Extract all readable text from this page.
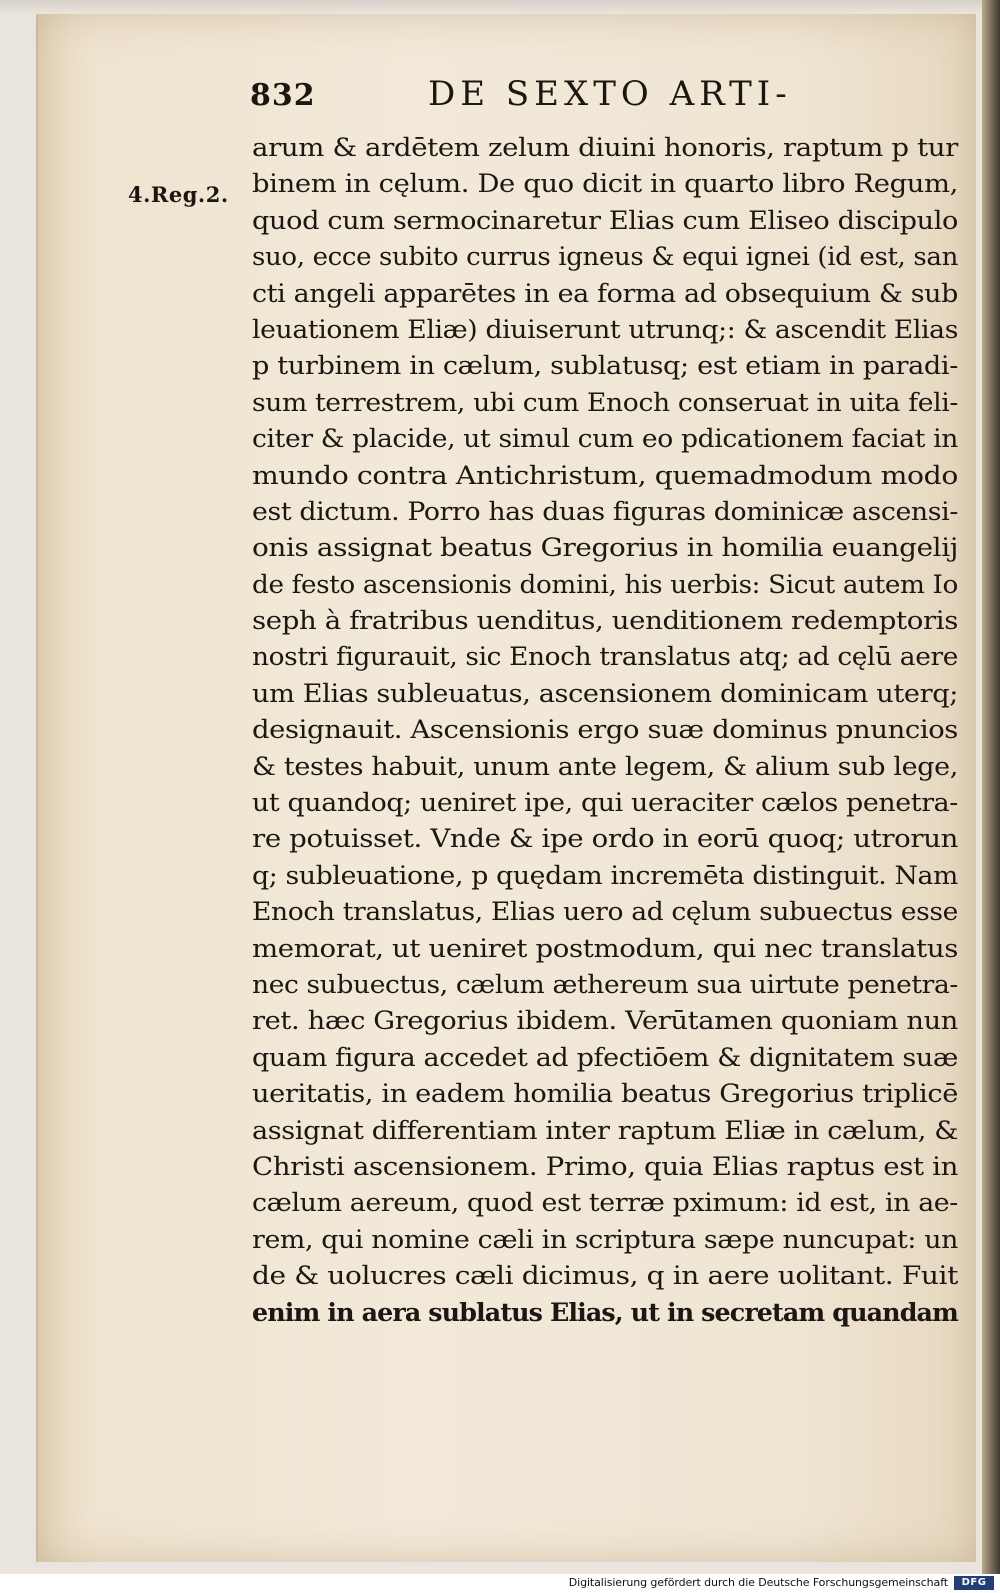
832	DE SEXTO ARTI-
4.Reg.2.
arum & ardētem zelum diuini honoris, raptum p tur
binem in cęlum. De quo dicit in quarto libro Regum,
quod cum sermocinaretur Elias cum Eliseo discipulo
suo, ecce subito currus igneus & equi ignei (id est, san
cti angeli apparētes in ea forma ad obsequium & sub
leuationem Eliæ) diuiserunt utrunq;: & ascendit Elias
p turbinem in cælum, sublatusq; est etiam in paradi-
sum terrestrem, ubi cum Enoch conseruat in uita feli-
citer & placide, ut simul cum eo pdicationem faciat in
mundo contra Antichristum, quemadmodum modo
est dictum. Porro has duas figuras dominicæ ascensi-
onis assignat beatus Gregorius in homilia euangelij
de festo ascensionis domini, his uerbis: Sicut autem Io
seph à fratribus uenditus, uenditionem redemptoris
nostri figurauit, sic Enoch translatus atq; ad cęlū aere
um Elias subleuatus, ascensionem dominicam uterq;
designauit. Ascensionis ergo suæ dominus pnuncios
& testes habuit, unum ante legem, & alium sub lege,
ut quandoq; ueniret ipe, qui ueraciter cælos penetra-
re potuisset. Vnde & ipe ordo in eorū quoq; utrorun
q; subleuatione, p quędam incremēta distinguit. Nam
Enoch translatus, Elias uero ad cęlum subuectus esse
memorat, ut ueniret postmodum, qui nec translatus
nec subuectus, cælum æthereum sua uirtute penetra-
ret. hæc Gregorius ibidem. Verūtamen quoniam nun
quam figura accedet ad pfectiōem & dignitatem suæ
ueritatis, in eadem homilia beatus Gregorius triplicē
assignat differentiam inter raptum Eliæ in cælum, &
Christi ascensionem. Primo, quia Elias raptus est in
cælum aereum, quod est terræ pximum: id est, in ae-
rem, qui nomine cæli in scriptura sæpe nuncupat: un
de & uolucres cæli dicimus, q in aere uolitant. Fuit
enim in aera sublatus Elias, ut in secretam quandam
Digitalisierung gefördert durch die Deutsche Forschungsgemeinschaft	DFG
